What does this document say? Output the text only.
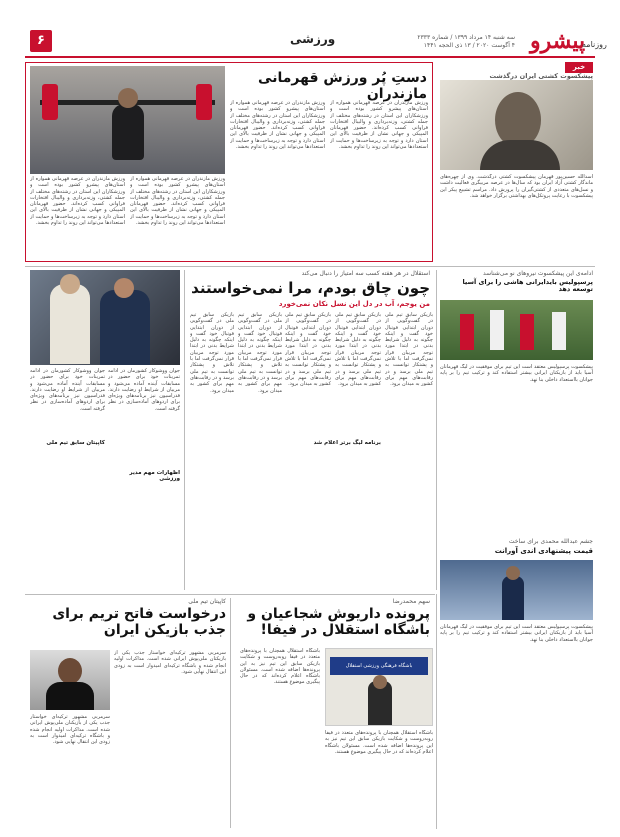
۶	ورزشی	سه شنبه ۱۴ مرداد ۱۳۹۹ / شماره ۲۳۳۳
۴ آگوست ۲۰۲۰ / ۱۳ ذی الحجه ۱۴۴۱ پیشرو
روزنامه
خبر
پیشکسوت کشتی ایران درگذشت
اسدالله حسین‌پور قهرمان پیشکسوت کشتی درگذشت. وی از چهره‌های ماندگار کشتی آزاد ایران بود که سال‌ها در عرصه مربیگری فعالیت داشت و نسل‌های متعددی از کشتی‌گیران را پرورش داد. مراسم تشییع پیکر این پیشکسوت با رعایت پروتکل‌های بهداشتی برگزار خواهد شد.
دستِ پُر ورزش قهرمانی مازندران
ورزش مازندران در عرصه قهرمانی همواره از استان‌های پیشرو کشور بوده است و ورزشکاران این استان در رشته‌های مختلف از جمله کشتی، وزنه‌برداری و والیبال افتخارات فراوانی کسب کرده‌اند. حضور قهرمانان المپیکی و جهانی نشان از ظرفیت بالای این استان دارد و توجه به زیرساخت‌ها و حمایت از استعدادها می‌تواند این روند را تداوم بخشد.
ورزش مازندران در عرصه قهرمانی همواره از استان‌های پیشرو کشور بوده است و ورزشکاران این استان در رشته‌های مختلف از جمله کشتی، وزنه‌برداری و والیبال افتخارات فراوانی کسب کرده‌اند. حضور قهرمانان المپیکی و جهانی نشان از ظرفیت بالای این استان دارد و توجه به زیرساخت‌ها و حمایت از استعدادها می‌تواند این روند را تداوم بخشد.
ورزش مازندران در عرصه قهرمانی همواره از استان‌های پیشرو کشور بوده است و ورزشکاران این استان در رشته‌های مختلف از جمله کشتی، وزنه‌برداری و والیبال افتخارات فراوانی کسب کرده‌اند. حضور قهرمانان المپیکی و جهانی نشان از ظرفیت بالای این استان دارد و توجه به زیرساخت‌ها و حمایت از استعدادها می‌تواند این روند را تداوم بخشد.
ورزش مازندران در عرصه قهرمانی همواره از استان‌های پیشرو کشور بوده است و ورزشکاران این استان در رشته‌های مختلف از جمله کشتی، وزنه‌برداری و والیبال افتخارات فراوانی کسب کرده‌اند. حضور قهرمانان المپیکی و جهانی نشان از ظرفیت بالای این استان دارد و توجه به زیرساخت‌ها و حمایت از استعدادها می‌تواند این روند را تداوم بخشد.
جوان ووشوکار کشورمان در ادامه تمرینات خود برای حضور در مسابقات آینده آماده می‌شود و مربیان از شرایط او رضایت دارند. فدراسیون نیز برنامه‌های ویژه‌ای برای اردوهای آماده‌سازی در نظر گرفته است.
جوان ووشوکار کشورمان در ادامه تمرینات خود برای حضور در مسابقات آینده آماده می‌شود و مربیان از شرایط او رضایت دارند. فدراسیون نیز برنامه‌های ویژه‌ای برای اردوهای آماده‌سازی در نظر گرفته است.
کاپیتان سابق تیم ملی
اظهارات مهم مدیر ورزشی
استقلال در هر هفته کسب سه امتیاز را دنبال می‌کند
چون چاق بودم، مرا نمی‌خواستند
من یوجم، آب در دل این نسل نکان نمی‌خورد
بازیکن سابق تیم ملی در گفت‌وگویی از دوران ابتدایی فوتبال خود گفت و اینکه چگونه به دلیل شرایط بدنی در ابتدا مورد توجه مربیان قرار نمی‌گرفت اما با تلاش و پشتکار توانست به تیم ملی برسد و در رقابت‌های مهم برای کشور به میدان برود.
بازیکن سابق تیم ملی در گفت‌وگویی از دوران ابتدایی فوتبال خود گفت و اینکه چگونه به دلیل شرایط بدنی در ابتدا مورد توجه مربیان قرار نمی‌گرفت اما با تلاش و پشتکار توانست به تیم ملی برسد و در رقابت‌های مهم برای کشور به میدان برود.
بازیکن سابق تیم ملی در گفت‌وگویی از دوران ابتدایی فوتبال خود گفت و اینکه چگونه به دلیل شرایط بدنی در ابتدا مورد توجه مربیان قرار نمی‌گرفت اما با تلاش و پشتکار توانست به تیم ملی برسد و در رقابت‌های مهم برای کشور به میدان برود.
بازیکن سابق تیم ملی در گفت‌وگویی از دوران ابتدایی فوتبال خود گفت و اینکه چگونه به دلیل شرایط بدنی در ابتدا مورد توجه مربیان قرار نمی‌گرفت اما با تلاش و پشتکار توانست به تیم ملی برسد و در رقابت‌های مهم برای کشور به میدان برود.
بازیکن سابق تیم ملی در گفت‌وگویی از دوران ابتدایی فوتبال خود گفت و اینکه چگونه به دلیل شرایط بدنی در ابتدا مورد توجه مربیان قرار نمی‌گرفت اما با تلاش و پشتکار توانست به تیم ملی برسد و در رقابت‌های مهم برای کشور به میدان برود.
برنامه لیگ برتر اعلام شد
ادامه‌ی این پیشکسوت نیروهای نو می‌شناسد
پرسپولیس بایدایرانی هاشی را برای آسیا توسعه دهد
پیشکسوت پرسپولیس معتقد است این تیم برای موفقیت در لیگ قهرمانان آسیا باید از بازیکنان ایرانی بیشتر استفاده کند و ترکیب تیم را بر پایه جوانان بااستعداد داخلی بنا نهد.
جشم عبدالله محمدی برای ساخت
قیمت پیشنهادی اندی آورانت
پیشکسوت پرسپولیس معتقد است این تیم برای موفقیت در لیگ قهرمانان آسیا باید از بازیکنان ایرانی بیشتر استفاده کند و ترکیب تیم را بر پایه جوانان بااستعداد داخلی بنا نهد.
سهم محمدرضا
پرونده داریوش شجاعیان و باشگاه استقلال در فیفا!
باشگاه فرهنگی ورزشی استقلال
باشگاه استقلال همچنان با پرونده‌های متعدد در فیفا روبه‌روست و شکایت بازیکن سابق این تیم نیز به این پرونده‌ها اضافه شده است. مسئولان باشگاه اعلام کرده‌اند که در حال پیگیری موضوع هستند.
باشگاه استقلال همچنان با پرونده‌های متعدد در فیفا روبه‌روست و شکایت بازیکن سابق این تیم نیز به این پرونده‌ها اضافه شده است. مسئولان باشگاه اعلام کرده‌اند که در حال پیگیری موضوع هستند.
کاپیتان تیم ملی
درخواست فاتح تریم برای جذب بازیکن ایران
سرمربی مشهور ترکیه‌ای خواستار جذب یکی از بازیکنان ملی‌پوش ایرانی شده است. مذاکرات اولیه انجام شده و باشگاه ترکیه‌ای امیدوار است به زودی این انتقال نهایی شود.
سرمربی مشهور ترکیه‌ای خواستار جذب یکی از بازیکنان ملی‌پوش ایرانی شده است. مذاکرات اولیه انجام شده و باشگاه ترکیه‌ای امیدوار است به زودی این انتقال نهایی شود.
